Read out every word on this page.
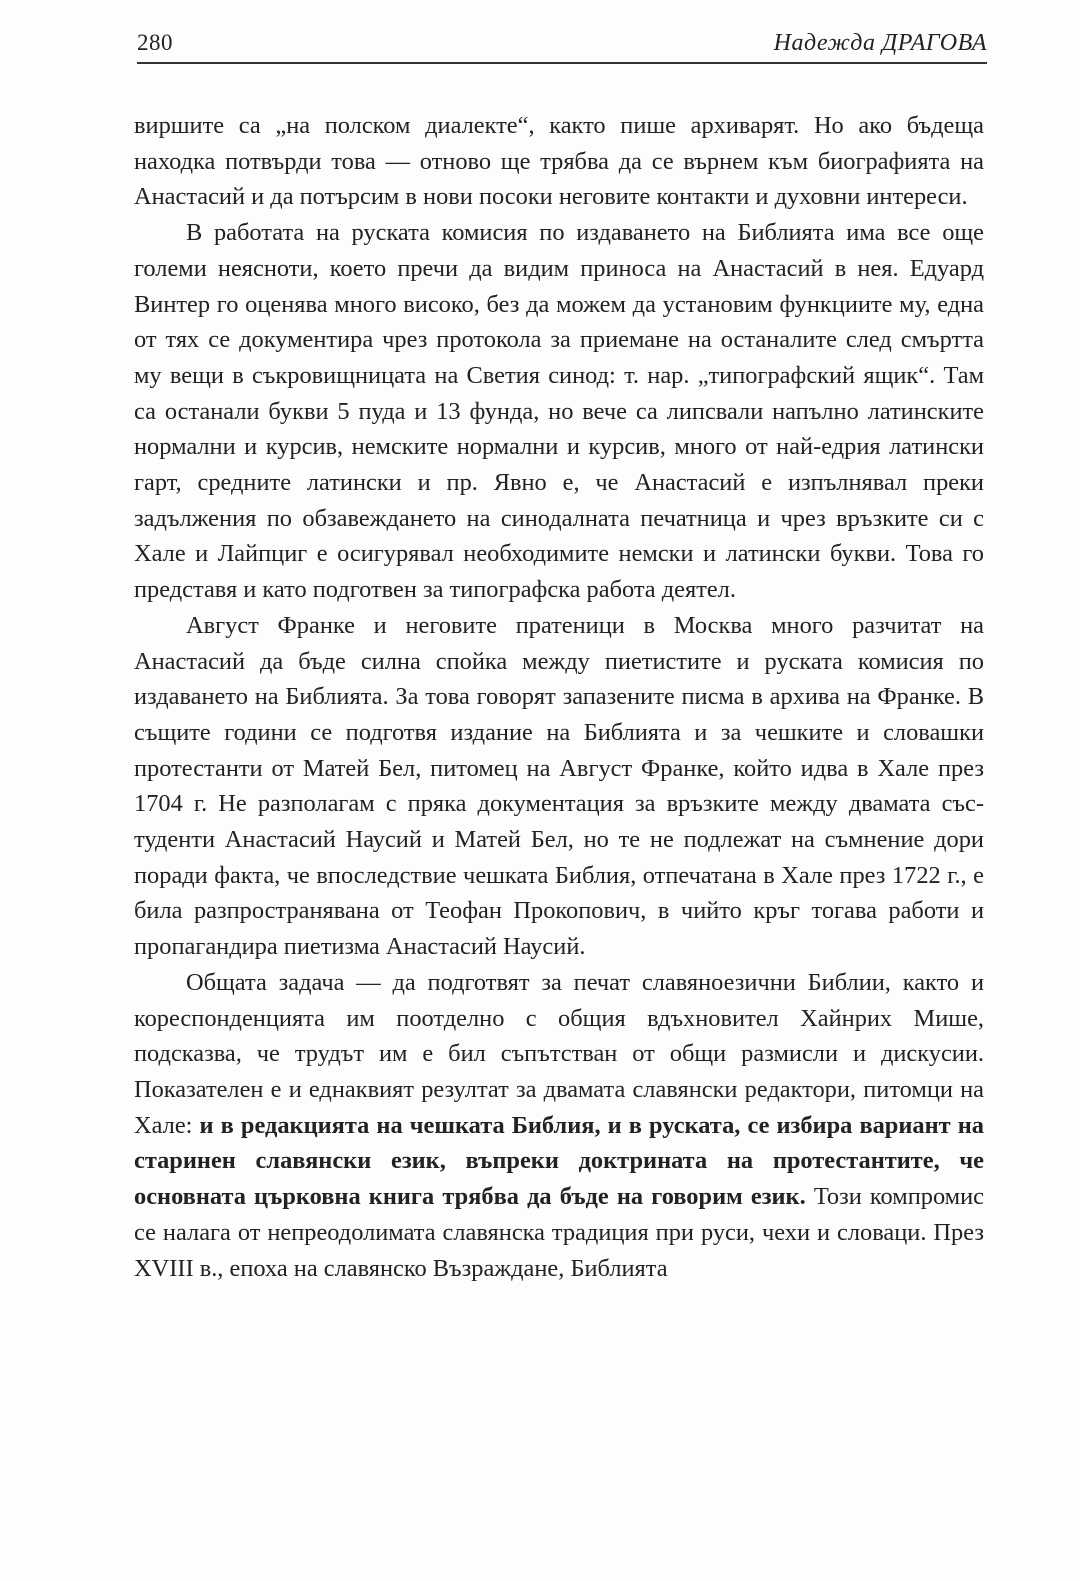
280	Надежда ДРАГОВА

виршите са „на полском диалекте“, както пише архиварят. Но ако бъдеща находка потвърди това — отново ще трябва да се върнем към биографията на Анастасий и да потърсим в нови посоки неговите контакти и духовни интереси.

В работата на руската комисия по издаването на Библията има все още големи неясноти, което пречи да видим приноса на Анастасий в нея. Едуард Винтер го оценява много високо, без да можем да установим функциите му, една от тях се документира чрез протокола за приемане на останалите след смъртта му вещи в съкровищницата на Светия синод: т. нар. „типографский ящик“. Там са останали букви 5 пуда и 13 фунда, но вече са липсвали напълно латинските нормални и курсив, немските нормални и курсив, много от най-едрия латински гарт, средните латински и пр. Явно е, че Анастасий е изпълнявал преки задължения по обзавеждането на синодалната печатница и чрез връзките си с Хале и Лайпциг е осигурявал необходимите немски и латински букви. Това го представя и като подготвен за типографска работа деятел.

Август Франке и неговите пратеници в Москва много разчитат на Анастасий да бъде силна спойка между пиетистите и руската комисия по издаването на Библията. За това говорят запазените писма в архива на Франке. В същите години се подготвя издание на Библията и за чешките и словашки протестанти от Матей Бел, питомец на Август Франке, който идва в Хале през 1704 г. Не разполагам с пряка документация за връзките между двамата състуденти Анастасий Наусий и Матей Бел, но те не подлежат на съмнение дори поради факта, че впоследствие чешката Библия, отпечатана в Хале през 1722 г., е била разпространявана от Теофан Прокопович, в чийто кръг тогава работи и пропагандира пиетизма Анастасий Наусий.

Общата задача — да подготвят за печат славяноезични Библии, както и кореспонденцията им поотделно с общия вдъхновител Хайнрих Мише, подсказва, че трудът им е бил съпътстван от общи размисли и дискусии. Показателен е и еднаквият резултат за двамата славянски редактори, питомци на Хале: и в редакцията на чешката Библия, и в руската, се избира вариант на старинен славянски език, въпреки доктрината на протестантите, че основната църковна книга трябва да бъде на говорим език. Този компромис се налага от непреодолимата славянска традиция при руси, чехи и словаци. През XVIII в., епоха на славянско Възраждане, Библията
